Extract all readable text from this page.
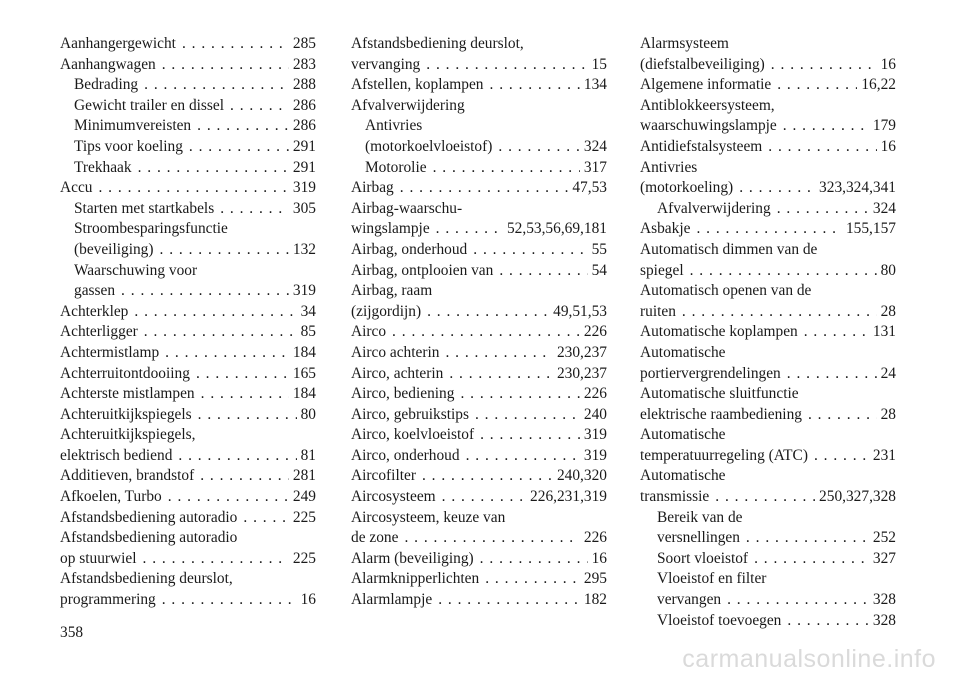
Aanhangergewicht . . .	285
Aanhangwagen . . .	283
Bedrading . . .	288
Gewicht trailer en dissel . . .	286
Minimumvereisten . . .	286
Tips voor koeling . . .	291
Trekhaak . . .	291
Accu . . .	319
Starten met startkabels . . .	305
Stroombesparingsfunctie
(beveiliging) . . .	132
Waarschuwing voor
gassen . . .	319
Achterklep . . .	34
Achterligger . . .	85
Achtermistlamp . . .	184
Achterruitontdooiing . . .	165
Achterste mistlampen . . .	184
Achteruitkijkspiegels . . .	80
Achteruitkijkspiegels,
elektrisch bediend . . .	81
Additieven, brandstof . . .	281
Afkoelen, Turbo . . .	249
Afstandsbediening autoradio . . .	225
Afstandsbediening autoradio
op stuurwiel . . .	225
Afstandsbediening deurslot,
programmering . . .	16
Afstandsbediening deurslot,
vervanging . . .	15
Afstellen, koplampen . . .	134
Afvalverwijdering
Antivries
(motorkoelvloeistof) . . .	324
Motorolie . . .	317
Airbag . . .	47,53
Airbag-waarschu-
wingslampje . . .	52,53,56,69,181
Airbag, onderhoud . . .	55
Airbag, ontplooien van . . .	54
Airbag, raam
(zijgordijn) . . .	49,51,53
Airco . . .	226
Airco achterin . . .	230,237
Airco, achterin . . .	230,237
Airco, bediening . . .	226
Airco, gebruikstips . . .	240
Airco, koelvloeistof . . .	319
Airco, onderhoud . . .	319
Aircofilter . . .	240,320
Aircosysteem . . .	226,231,319
Aircosysteem, keuze van
de zone . . .	226
Alarm (beveiliging) . . .	16
Alarmknipperlichten . . .	295
Alarmlampje . . .	182
Alarmsysteem
(diefstalbeveiliging) . . .	16
Algemene informatie . . .	16,22
Antiblokkeersysteem,
waarschuwingslampje . . .	179
Antidiefstalsysteem . . .	16
Antivries
(motorkoeling) . . .	323,324,341
Afvalverwijdering . . .	324
Asbakje . . .	155,157
Automatisch dimmen van de
spiegel . . .	80
Automatisch openen van de
ruiten . . .	28
Automatische koplampen . . .	131
Automatische
portiervergrendelingen . . .	24
Automatische sluitfunctie
elektrische raambediening . . .	28
Automatische
temperatuurregeling (ATC) . . .	231
Automatische
transmissie . . .	250,327,328
Bereik van de
versnellingen . . .	252
Soort vloeistof . . .	327
Vloeistof en filter
vervangen . . .	328
Vloeistof toevoegen . . .	328
358
carmanualsonline.info
